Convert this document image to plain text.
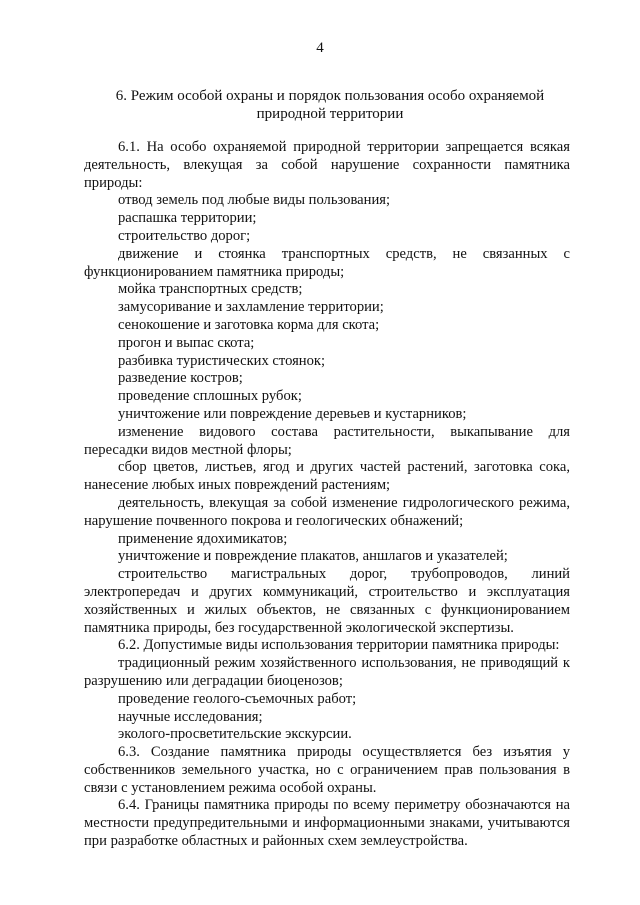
4
6. Режим особой охраны и порядок пользования особо охраняемой природной территории

6.1. На особо охраняемой природной территории запрещается всякая деятельность, влекущая за собой нарушение сохранности памятника природы:

отвод земель под любые виды пользования;

распашка территории;

строительство дорог;

движение и стоянка транспортных средств, не связанных с функционированием памятника природы;

мойка транспортных средств;

замусоривание и захламление территории;

сенокошение и заготовка корма для скота;

прогон и выпас скота;

разбивка туристических стоянок;

разведение костров;

проведение сплошных рубок;

уничтожение или повреждение деревьев и кустарников;

изменение видового состава растительности, выкапывание для пересадки видов местной флоры;

сбор цветов, листьев, ягод и других частей растений, заготовка сока, нанесение любых иных повреждений растениям;

деятельность, влекущая за собой изменение гидрологического режима, нарушение почвенного покрова и геологических обнажений;

применение ядохимикатов;

уничтожение и повреждение плакатов, аншлагов и указателей;

строительство магистральных дорог, трубопроводов, линий электропередач и других коммуникаций, строительство и эксплуатация хозяйственных и жилых объектов, не связанных с функционированием памятника природы, без государственной экологической экспертизы.

6.2. Допустимые виды использования территории памятника природы:

традиционный режим хозяйственного использования, не приводящий к разрушению или деградации биоценозов;

проведение геолого-съемочных работ;

научные исследования;

эколого-просветительские экскурсии.

6.3. Создание памятника природы осуществляется без изъятия у собственников земельного участка, но с ограничением прав пользования в связи с установлением режима особой охраны.

6.4. Границы памятника природы по всему периметру обозначаются на местности предупредительными и информационными знаками, учитываются при разработке областных и районных схем землеустройства.
